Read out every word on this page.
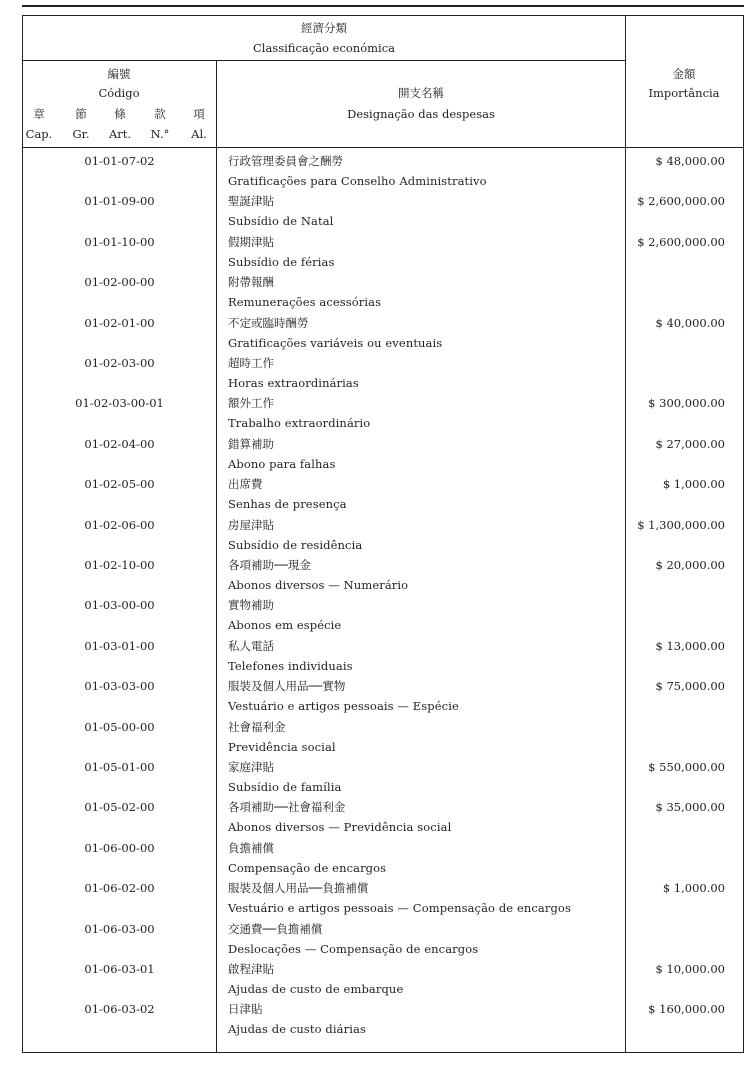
經濟分類
Classificação económica
編號
Código
章	節 條 款 項
Cap. Gr. Art. N.° Al.
開支名稱
Designação das despesas
金額
Importância
01-01-07-02	行政管理委員會之酬勞
Gratificações para Conselho Administrativo
$ 48,000.00
01-01-09-00	聖誕津貼
Subsídio de Natal
$ 2,600,000.00
01-01-10-00	假期津貼
Subsídio de férias
$ 2,600,000.00
01-02-00-00	附帶報酬
Remunerações acessórias
01-02-01-00	不定或臨時酬勞
Gratificações variáveis ou eventuais
$ 40,000.00
01-02-03-00	超時工作
Horas extraordinárias
01-02-03-00-01	額外工作
Trabalho extraordinário
$ 300,000.00
01-02-04-00	錯算補助
Abono para falhas
$ 27,000.00
01-02-05-00	出席費
Senhas de presença
$ 1,000.00
01-02-06-00	房屋津貼
Subsídio de residência
$ 1,300,000.00
01-02-10-00	各項補助──現金
Abonos diversos — Numerário
$ 20,000.00
01-03-00-00	實物補助
Abonos em espécie
01-03-01-00	私人電話
Telefones individuais
$ 13,000.00
01-03-03-00	服裝及個人用品──實物
Vestuário e artigos pessoais — Espécie
$ 75,000.00
01-05-00-00	社會福利金
Previdência social
01-05-01-00	家庭津貼
Subsídio de família
$ 550,000.00
01-05-02-00	各項補助──社會福利金
Abonos diversos — Previdência social
$ 35,000.00
01-06-00-00	負擔補償
Compensação de encargos
01-06-02-00	服裝及個人用品──負擔補償
Vestuário e artigos pessoais — Compensação de encargos
$ 1,000.00
01-06-03-00	交通費──負擔補償
Deslocações — Compensação de encargos
01-06-03-01	啟程津貼
Ajudas de custo de embarque
$ 10,000.00
01-06-03-02	日津貼
Ajudas de custo diárias
$ 160,000.00
